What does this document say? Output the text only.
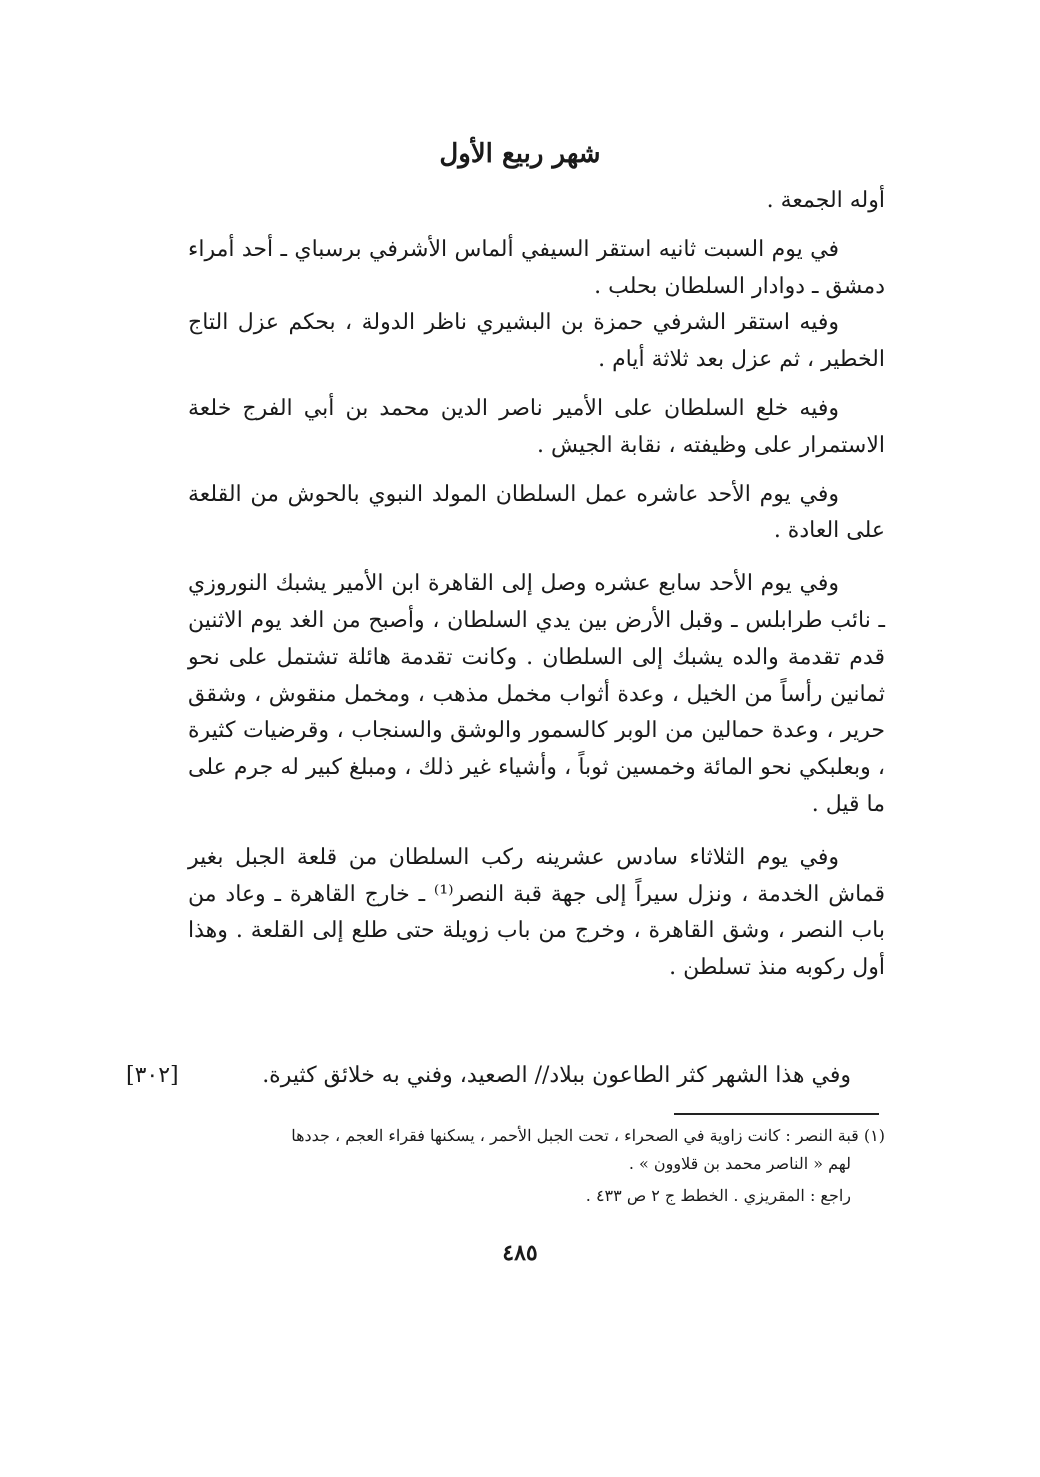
شهر ربيع الأول

أوله الجمعة .

في يوم السبت ثانيه استقر السيفي ألماس الأشرفي برسباي ـ أحد أمراء دمشق ـ دوادار السلطان بحلب .

وفيه استقر الشرفي حمزة بن البشيري ناظر الدولة ، بحكم عزل التاج الخطير ، ثم عزل بعد ثلاثة أيام .

وفيه خلع السلطان على الأمير ناصر الدين محمد بن أبي الفرج خلعة الاستمرار على وظيفته ، نقابة الجيش .

وفي يوم الأحد عاشره عمل السلطان المولد النبوي بالحوش من القلعة على العادة .

وفي يوم الأحد سابع عشره وصل إلى القاهرة ابن الأمير يشبك النوروزي ـ نائب طرابلس ـ وقبل الأرض بين يدي السلطان ، وأصبح من الغد يوم الاثنين قدم تقدمة والده يشبك إلى السلطان . وكانت تقدمة هائلة تشتمل على نحو ثمانين رأساً من الخيل ، وعدة أثواب مخمل مذهب ، ومخمل منقوش ، وشقق حرير ، وعدة حمالين من الوبر كالسمور والوشق والسنجاب ، وقرضيات كثيرة ، وبعلبكي نحو المائة وخمسين ثوباً ، وأشياء غير ذلك ، ومبلغ كبير له جرم على ما قيل .

وفي يوم الثلاثاء سادس عشرينه ركب السلطان من قلعة الجبل بغير قماش الخدمة ، ونزل سيراً إلى جهة قبة النصر⁽¹⁾ ـ خارج القاهرة ـ وعاد من باب النصر ، وشق القاهرة ، وخرج من باب زويلة حتى طلع إلى القلعة . وهذا أول ركوبه منذ تسلطن .

وفي هذا الشهر كثر الطاعون ببلاد// الصعيد، وفني به خلائق كثيرة.
[٣٠٢]

(١) قبة النصر : كانت زاوية في الصحراء ، تحت الجبل الأحمر ، يسكنها فقراء العجم ، جددها

لهم « الناصر محمد بن قلاوون » .

راجع : المقريزي . الخطط ج ٢ ص ٤٣٣ .

٤٨٥
